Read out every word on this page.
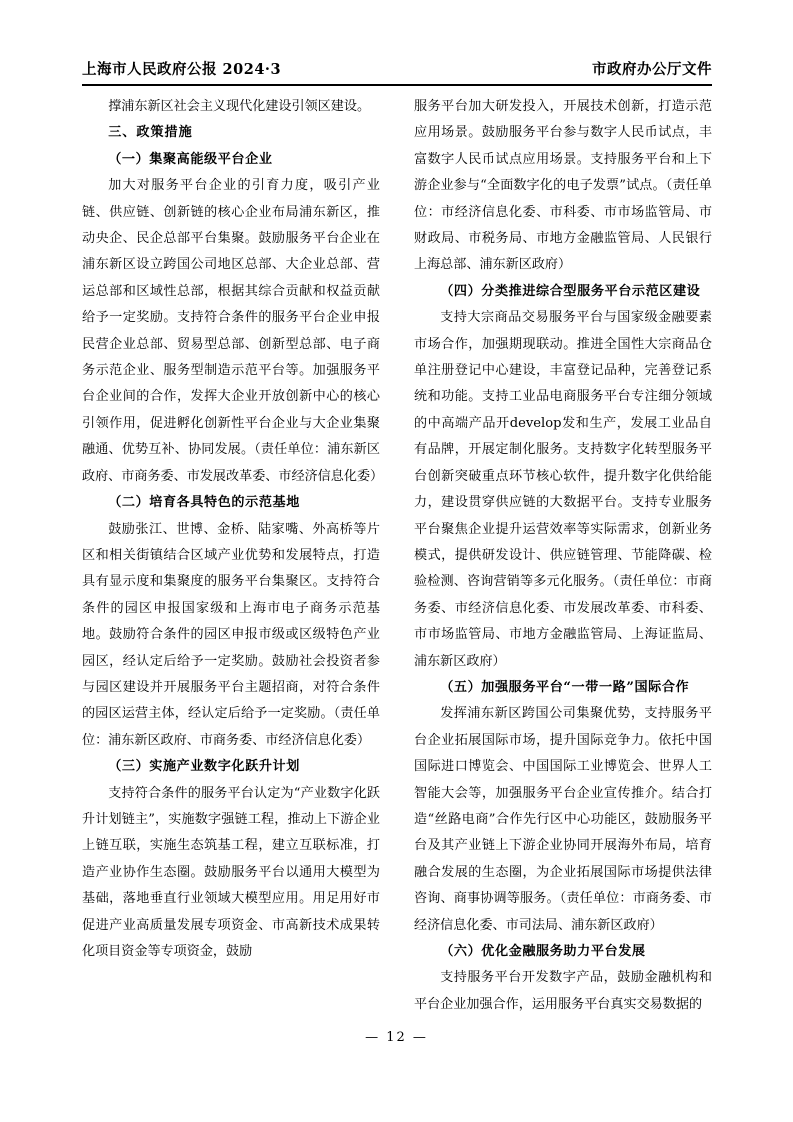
上海市人民政府公报 2024·3	市政府办公厅文件

撑浦东新区社会主义现代化建设引领区建设。

三、政策措施

（一）集聚高能级平台企业

加大对服务平台企业的引育力度，吸引产业链、供应链、创新链的核心企业布局浦东新区，推动央企、民企总部平台集聚。鼓励服务平台企业在浦东新区设立跨国公司地区总部、大企业总部、营运总部和区域性总部，根据其综合贡献和权益贡献给予一定奖励。支持符合条件的服务平台企业申报民营企业总部、贸易型总部、创新型总部、电子商务示范企业、服务型制造示范平台等。加强服务平台企业间的合作，发挥大企业开放创新中心的核心引领作用，促进孵化创新性平台企业与大企业集聚融通、优势互补、协同发展。（责任单位：浦东新区政府、市商务委、市发展改革委、市经济信息化委）

（二）培育各具特色的示范基地

鼓励张江、世博、金桥、陆家嘴、外高桥等片区和相关街镇结合区域产业优势和发展特点，打造具有显示度和集聚度的服务平台集聚区。支持符合条件的园区申报国家级和上海市电子商务示范基地。鼓励符合条件的园区申报市级或区级特色产业园区，经认定后给予一定奖励。鼓励社会投资者参与园区建设并开展服务平台主题招商，对符合条件的园区运营主体，经认定后给予一定奖励。（责任单位：浦东新区政府、市商务委、市经济信息化委）

（三）实施产业数字化跃升计划

支持符合条件的服务平台认定为“产业数字化跃升计划链主”，实施数字强链工程，推动上下游企业上链互联，实施生态筑基工程，建立互联标准，打造产业协作生态圈。鼓励服务平台以通用大模型为基础，落地垂直行业领域大模型应用。用足用好市促进产业高质量发展专项资金、市高新技术成果转化项目资金等专项资金，鼓励

服务平台加大研发投入，开展技术创新，打造示范应用场景。鼓励服务平台参与数字人民币试点，丰富数字人民币试点应用场景。支持服务平台和上下游企业参与“全面数字化的电子发票”试点。（责任单位：市经济信息化委、市科委、市市场监管局、市财政局、市税务局、市地方金融监管局、人民银行上海总部、浦东新区政府）

（四）分类推进综合型服务平台示范区建设

支持大宗商品交易服务平台与国家级金融要素市场合作，加强期现联动。推进全国性大宗商品仓单注册登记中心建设，丰富登记品种，完善登记系统和功能。支持工业品电商服务平台专注细分领域的中高端产品开develop发和生产，发展工业品自有品牌，开展定制化服务。支持数字化转型服务平台创新突破重点环节核心软件，提升数字化供给能力，建设贯穿供应链的大数据平台。支持专业服务平台聚焦企业提升运营效率等实际需求，创新业务模式，提供研发设计、供应链管理、节能降碳、检验检测、咨询营销等多元化服务。（责任单位：市商务委、市经济信息化委、市发展改革委、市科委、市市场监管局、市地方金融监管局、上海证监局、浦东新区政府）

（五）加强服务平台“一带一路”国际合作

发挥浦东新区跨国公司集聚优势，支持服务平台企业拓展国际市场，提升国际竞争力。依托中国国际进口博览会、中国国际工业博览会、世界人工智能大会等，加强服务平台企业宣传推介。结合打造“丝路电商”合作先行区中心功能区，鼓励服务平台及其产业链上下游企业协同开展海外布局，培育融合发展的生态圈，为企业拓展国际市场提供法律咨询、商事协调等服务。（责任单位：市商务委、市经济信息化委、市司法局、浦东新区政府）

（六）优化金融服务助力平台发展

支持服务平台开发数字产品，鼓励金融机构和平台企业加强合作，运用服务平台真实交易数据的

— 12 —
